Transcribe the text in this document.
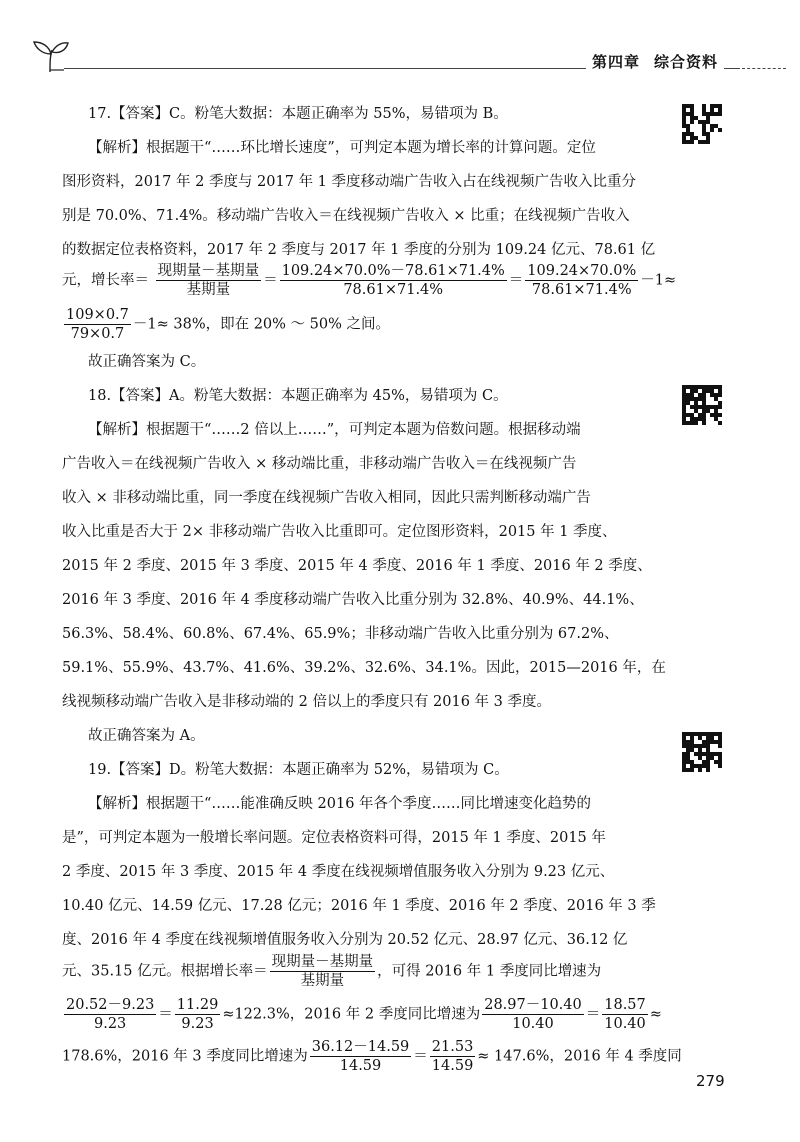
第四章 综合资料
17.【答案】C。粉笔大数据：本题正确率为 55%，易错项为 B。
【解析】根据题干“……环比增长速度”，可判定本题为增长率的计算问题。定位
图形资料，2017 年 2 季度与 2017 年 1 季度移动端广告收入占在线视频广告收入比重分
别是 70.0%、71.4%。移动端广告收入＝在线视频广告收入 × 比重；在线视频广告收入
的数据定位表格资料，2017 年 2 季度与 2017 年 1 季度的分别为 109.24 亿元、78.61 亿
元，增长率＝ $\frac{\text{现期量－基期量}}{\text{基期量}} = \frac{109.24\times 70.0\%-78.61\times 71.4\%}{78.61\times 71.4\%} = \frac{109.24\times 70.0\%}{78.61\times 71.4\%} -1\approx$
$\frac{109\times 0.7}{79\times 0.7} -1\approx 38\%$，即在 20% ～ 50% 之间。
故正确答案为 C。
18.【答案】A。粉笔大数据：本题正确率为 45%，易错项为 C。
【解析】根据题干“……2 倍以上……”，可判定本题为倍数问题。根据移动端
广告收入＝在线视频广告收入 × 移动端比重，非移动端广告收入＝在线视频广告
收入 × 非移动端比重，同一季度在线视频广告收入相同，因此只需判断移动端广告
收入比重是否大于 2× 非移动端广告收入比重即可。定位图形资料，2015 年 1 季度、
2015 年 2 季度、2015 年 3 季度、2015 年 4 季度、2016 年 1 季度、2016 年 2 季度、
2016 年 3 季度、2016 年 4 季度移动端广告收入比重分别为 32.8%、40.9%、44.1%、
56.3%、58.4%、60.8%、67.4%、65.9%；非移动端广告收入比重分别为 67.2%、
59.1%、55.9%、43.7%、41.6%、39.2%、32.6%、34.1%。因此，2015—2016 年，在
线视频移动端广告收入是非移动端的 2 倍以上的季度只有 2016 年 3 季度。
故正确答案为 A。
19.【答案】D。粉笔大数据：本题正确率为 52%，易错项为 C。
【解析】根据题干“……能准确反映 2016 年各个季度……同比增速变化趋势的
是”，可判定本题为一般增长率问题。定位表格资料可得，2015 年 1 季度、2015 年
2 季度、2015 年 3 季度、2015 年 4 季度在线视频增值服务收入分别为 9.23 亿元、
10.40 亿元、14.59 亿元、17.28 亿元；2016 年 1 季度、2016 年 2 季度、2016 年 3 季
度、2016 年 4 季度在线视频增值服务收入分别为 20.52 亿元、28.97 亿元、36.12 亿
元、35.15 亿元。根据增长率＝ $\frac{\text{现期量－基期量}}{\text{基期量}}$ ，可得 2016 年 1 季度同比增速为
$\frac{20.52-9.23}{9.23} = \frac{11.29}{9.23} \approx 122.3\%$，2016 年 2 季度同比增速为 $\frac{28.97-10.40}{10.40} = \frac{18.57}{10.40}$ ≈
178.6%，2016 年 3 季度同比增速为 $\frac{36.12-14.59}{14.59} = \frac{21.53}{14.59} \approx 147.6\%$，2016 年 4 季度同
279
